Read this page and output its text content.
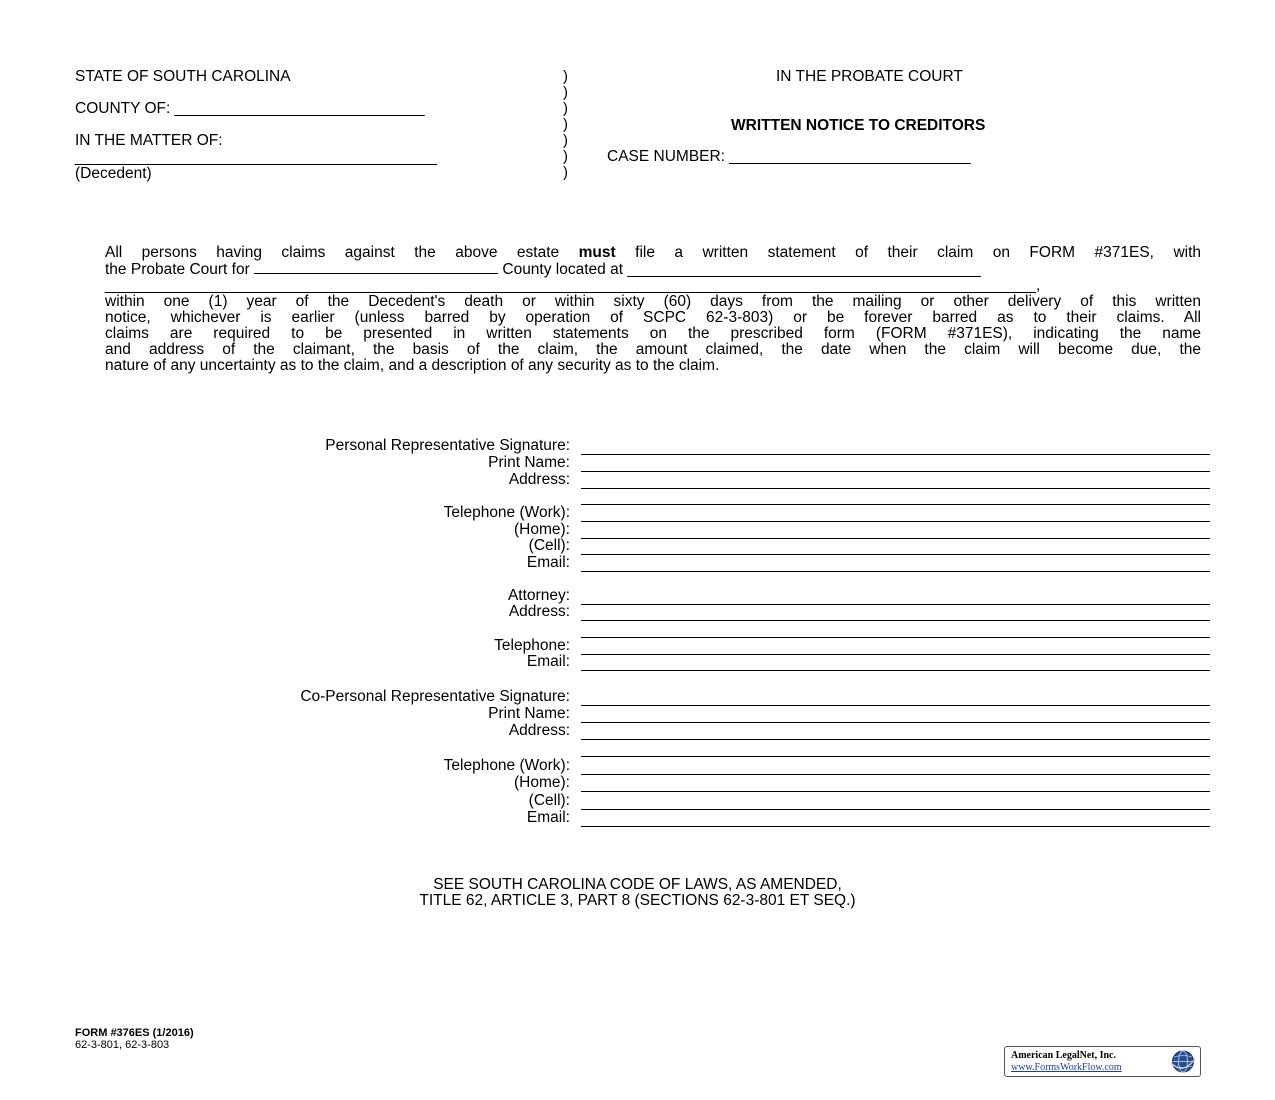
STATE OF SOUTH CAROLINA
COUNTY OF: _____________________________
IN THE MATTER OF:
__________________________________________
(Decedent)
)
)
)
)
)
)
)
IN THE PROBATE COURT
WRITTEN NOTICE TO CREDITORS
CASE NUMBER: ____________________________
All persons having claims against the above estate must file a written statement of their claim on FORM #371ES, with
the Probate Court for	County located at _________________________________________
____________________________________________________________________________________________________________,
within one (1) year of the Decedent's death or within sixty (60) days from the mailing or other delivery of this written
notice, whichever is earlier (unless barred by operation of SCPC 62-3-803) or be forever barred as to their claims. All
claims are required to be presented in written statements on the prescribed form (FORM #371ES), indicating the name
and address of the claimant, the basis of the claim, the amount claimed, the date when the claim will become due, the
nature of any uncertainty as to the claim, and a description of any security as to the claim.
Personal Representative Signature:
Print Name:
Address:
Telephone (Work):
(Home):
(Cell):
Email:
Attorney:
Address:
Telephone:
Email:
Co-Personal Representative Signature:
Print Name:
Address:
Telephone (Work):
(Home):
(Cell):
Email:
SEE SOUTH CAROLINA CODE OF LAWS, AS AMENDED,
TITLE 62, ARTICLE 3, PART 8 (SECTIONS 62-3-801 ET SEQ.)
FORM #376ES (1/2016)
62-3-801, 62-3-803
American LegalNet, Inc.
www.FormsWorkFlow.com
